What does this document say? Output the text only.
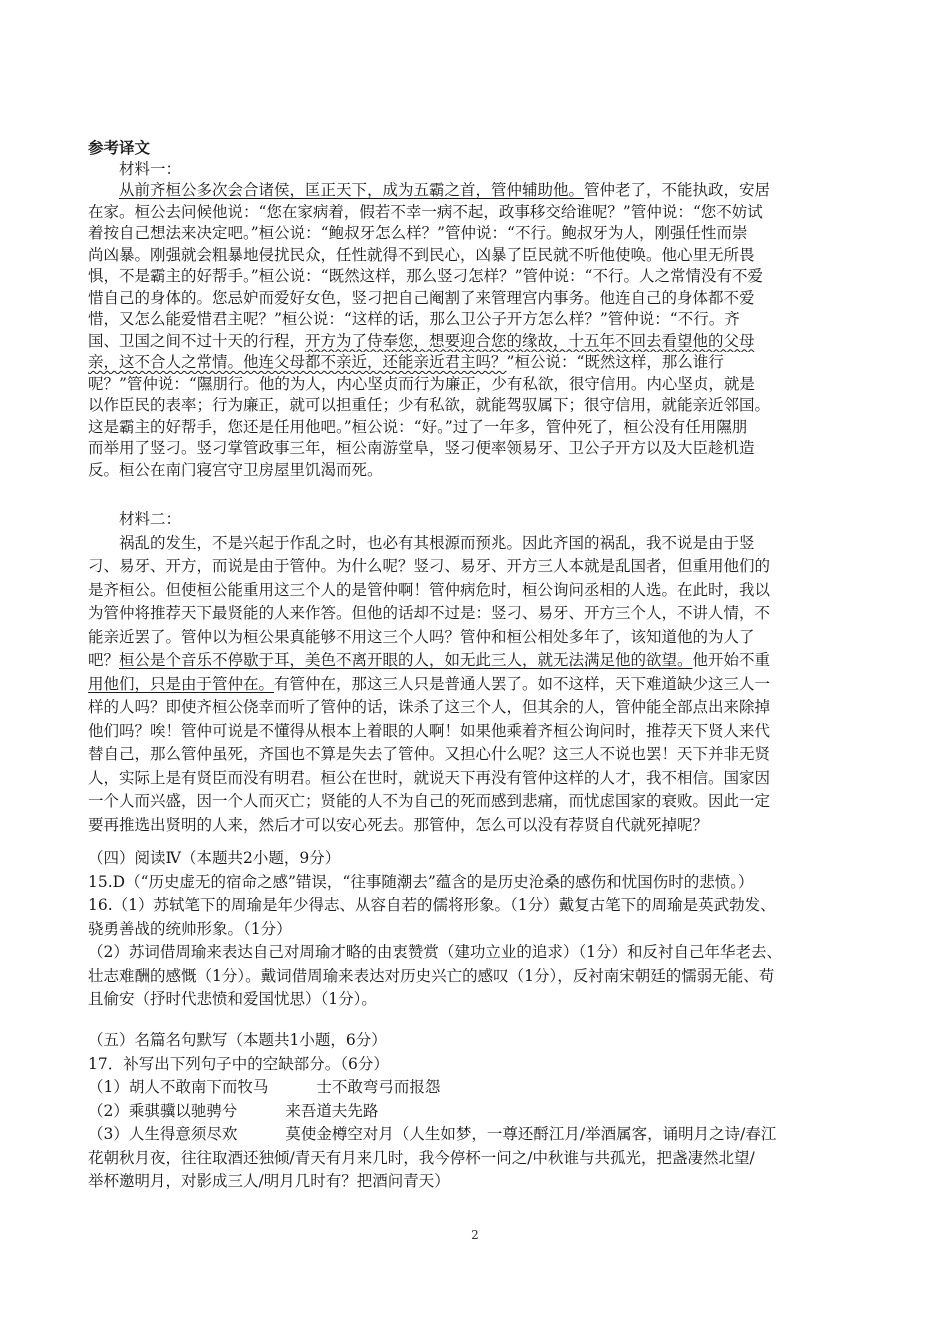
参考译文
材料一：
从前齐桓公多次会合诸侯，匡正天下，成为五霸之首，管仲辅助他。管仲老了，不能执政，安居
在家。桓公去问候他说：“您在家病着，假若不幸一病不起，政事移交给谁呢？”管仲说：“您不妨试
着按自己想法来决定吧。”桓公说：“鲍叔牙怎么样？”管仲说：“不行。鲍叔牙为人，刚强任性而崇
尚凶暴。刚强就会粗暴地侵扰民众，任性就得不到民心，凶暴了臣民就不听他使唤。他心里无所畏
惧，不是霸主的好帮手。”桓公说：“既然这样，那么竖刁怎样？”管仲说：“不行。人之常情没有不爱
惜自己的身体的。您忌妒而爱好女色，竖刁把自己阉割了来管理宫内事务。他连自己的身体都不爱
惜，又怎么能爱惜君主呢？”桓公说：“这样的话，那么卫公子开方怎么样？”管仲说：“不行。齐
国、卫国之间不过十天的行程，开方为了侍奉您，想要迎合您的缘故，十五年不回去看望他的父母
亲，这不合人之常情。他连父母都不亲近，还能亲近君主吗？”桓公说：“既然这样，那么谁行
呢？”管仲说：“隰朋行。他的为人，内心坚贞而行为廉正，少有私欲，很守信用。内心坚贞，就是
以作臣民的表率；行为廉正，就可以担重任；少有私欲，就能驾驭属下；很守信用，就能亲近邻国。
这是霸主的好帮手，您还是任用他吧。”桓公说：“好。”过了一年多，管仲死了，桓公没有任用隰朋
而举用了竖刁。竖刁掌管政事三年，桓公南游堂阜，竖刁便率领易牙、卫公子开方以及大臣趁机造
反。桓公在南门寝宫守卫房屋里饥渴而死。
材料二：
祸乱的发生，不是兴起于作乱之时，也必有其根源而预兆。因此齐国的祸乱，我不说是由于竖
刁、易牙、开方，而说是由于管仲。为什么呢？竖刁、易牙、开方三人本就是乱国者，但重用他们的
是齐桓公。但使桓公能重用这三个人的是管仲啊！管仲病危时，桓公询问丞相的人选。在此时，我以
为管仲将推荐天下最贤能的人来作答。但他的话却不过是：竖刁、易牙、开方三个人，不讲人情，不
能亲近罢了。管仲以为桓公果真能够不用这三个人吗？管仲和桓公相处多年了，该知道他的为人了
吧？桓公是个音乐不停歇于耳，美色不离开眼的人，如无此三人，就无法满足他的欲望。他开始不重
用他们，只是由于管仲在。有管仲在，那这三人只是普通人罢了。如不这样，天下难道缺少这三人一
样的人吗？即使齐桓公侥幸而听了管仲的话，诛杀了这三个人，但其余的人，管仲能全部点出来除掉
他们吗？唉！管仲可说是不懂得从根本上着眼的人啊！如果他乘着齐桓公询问时，推荐天下贤人来代
替自己，那么管仲虽死，齐国也不算是失去了管仲。又担心什么呢？这三人不说也罢！天下并非无贤
人，实际上是有贤臣而没有明君。桓公在世时，就说天下再没有管仲这样的人才，我不相信。国家因
一个人而兴盛，因一个人而灭亡；贤能的人不为自己的死而感到悲痛，而忧虑国家的衰败。因此一定
要再推选出贤明的人来，然后才可以安心死去。那管仲，怎么可以没有荐贤自代就死掉呢？
（四）阅读Ⅳ（本题共2小题，9分）
15.D（“历史虚无的宿命之感”错误，“往事随潮去”蕴含的是历史沧桑的感伤和忧国伤时的悲愤。）
16.（1）苏轼笔下的周瑜是年少得志、从容自若的儒将形象。（1分）戴复古笔下的周瑜是英武勃发、
骁勇善战的统帅形象。（1分）
（2）苏词借周瑜来表达自己对周瑜才略的由衷赞赏（建功立业的追求）（1分）和反衬自己年华老去、
壮志难酬的感慨（1分）。戴词借周瑜来表达对历史兴亡的感叹（1分），反衬南宋朝廷的懦弱无能、苟
且偷安（抒时代悲愤和爱国忧思）（1分）。
（五）名篇名句默写（本题共1小题，6分）
17．补写出下列句子中的空缺部分。（6分）
（1）胡人不敢南下而牧马	士不敢弯弓而报怨
（2）乘骐骥以驰骋兮	来吾道夫先路
（3）人生得意须尽欢	莫使金樽空对月（人生如梦，一尊还酹江月/举酒属客，诵明月之诗/春江
花朝秋月夜，往往取酒还独倾/青天有月来几时，我今停杯一问之/中秋谁与共孤光，把盏凄然北望/
举杯邀明月，对影成三人/明月几时有？把酒问青天）
2
